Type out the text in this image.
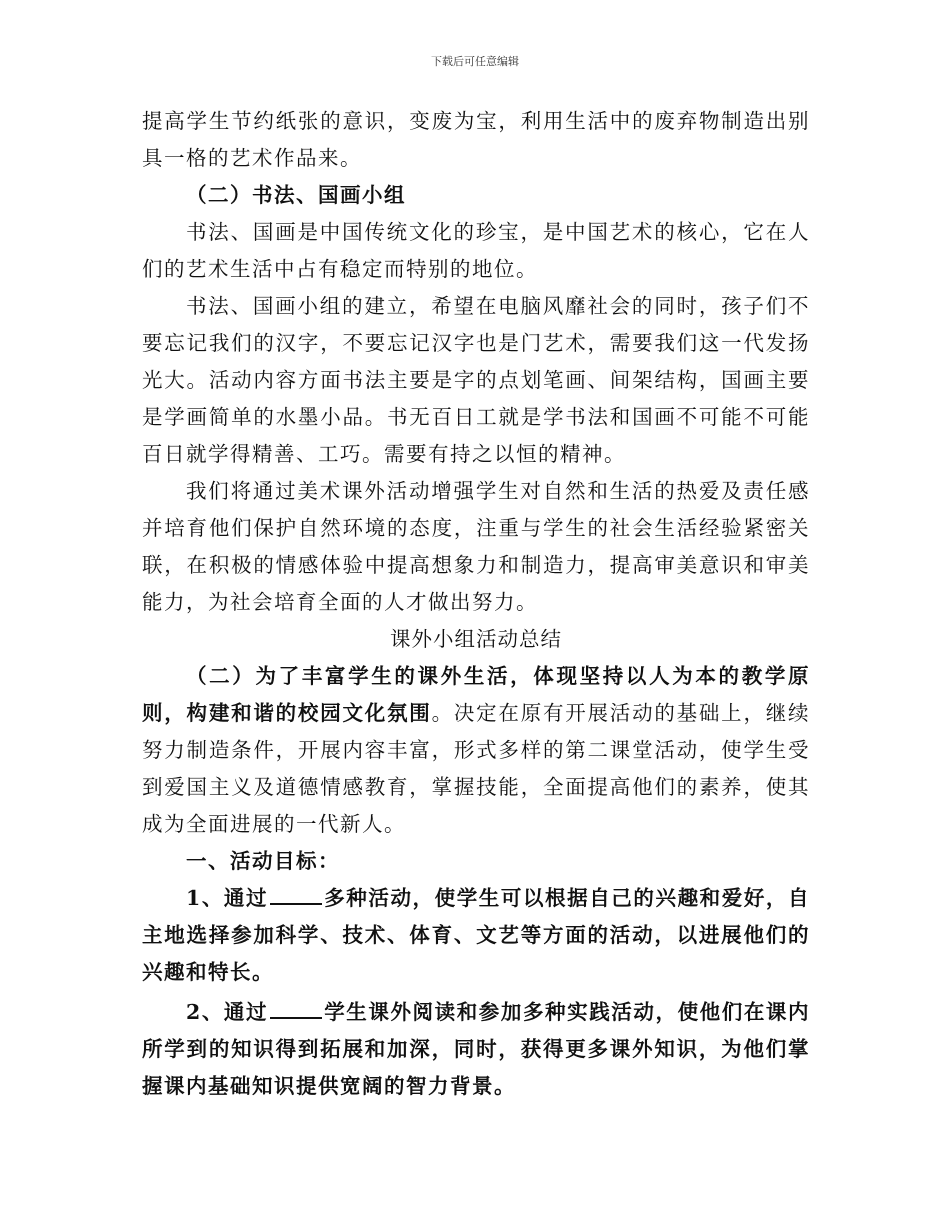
下载后可任意编辑

提高学生节约纸张的意识，变废为宝，利用生活中的废弃物制造出别具一格的艺术作品来。

（二）书法、国画小组

书法、国画是中国传统文化的珍宝，是中国艺术的核心，它在人们的艺术生活中占有稳定而特别的地位。

书法、国画小组的建立，希望在电脑风靡社会的同时，孩子们不要忘记我们的汉字，不要忘记汉字也是门艺术，需要我们这一代发扬光大。活动内容方面书法主要是字的点划笔画、间架结构，国画主要是学画简单的水墨小品。书无百日工就是学书法和国画不可能不可能百日就学得精善、工巧。需要有持之以恒的精神。

我们将通过美术课外活动增强学生对自然和生活的热爱及责任感并培育他们保护自然环境的态度，注重与学生的社会生活经验紧密关联，在积极的情感体验中提高想象力和制造力，提高审美意识和审美能力，为社会培育全面的人才做出努力。

课外小组活动总结

（二）为了丰富学生的课外生活，体现坚持以人为本的教学原则，构建和谐的校园文化氛围。决定在原有开展活动的基础上，继续努力制造条件，开展内容丰富，形式多样的第二课堂活动，使学生受到爱国主义及道德情感教育，掌握技能，全面提高他们的素养，使其成为全面进展的一代新人。

一、活动目标：

1、通过	多种活动，使学生可以根据自己的兴趣和爱好，自主地选择参加科学、技术、体育、文艺等方面的活动，以进展他们的兴趣和特长。

2、通过	学生课外阅读和参加多种实践活动，使他们在课内所学到的知识得到拓展和加深，同时，获得更多课外知识，为他们掌握课内基础知识提供宽阔的智力背景。
